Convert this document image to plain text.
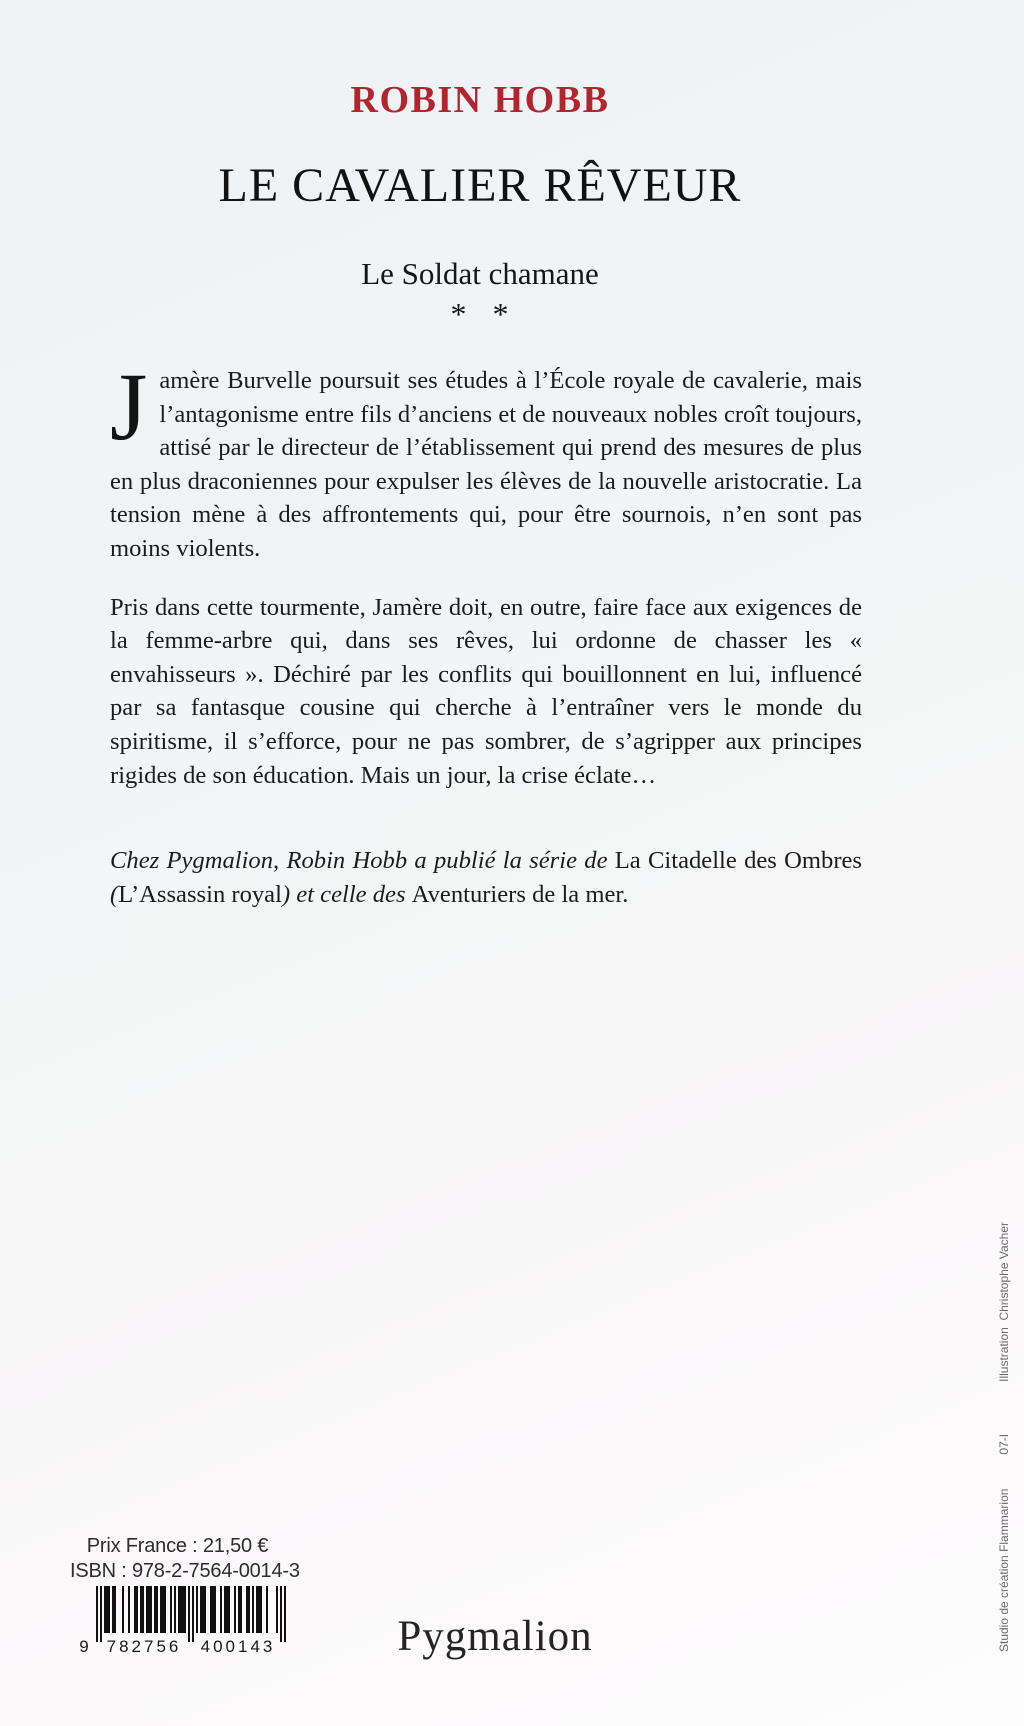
ROBIN HOBB
LE CAVALIER RÊVEUR
Le Soldat chamane
* *

Jamère Burvelle poursuit ses études à l’École royale de cavalerie, mais l’antagonisme entre fils d’anciens et de nouveaux nobles croît toujours, attisé par le directeur de l’établissement qui prend des mesures de plus en plus draconiennes pour expulser les élèves de la nouvelle aristocratie. La tension mène à des affrontements qui, pour être sournois, n’en sont pas moins violents.

Pris dans cette tourmente, Jamère doit, en outre, faire face aux exigences de la femme-arbre qui, dans ses rêves, lui ordonne de chasser les « envahisseurs ». Déchiré par les conflits qui bouillonnent en lui, influencé par sa fantasque cousine qui cherche à l’entraîner vers le monde du spiritisme, il s’efforce, pour ne pas sombrer, de s’agripper aux principes rigides de son éducation. Mais un jour, la crise éclate…

Chez Pygmalion, Robin Hobb a publié la série de La Citadelle des Ombres (L’Assassin royal) et celle des Aventuriers de la mer.

Prix France : 21,50 €
ISBN : 978-2-7564-0014-3
9 782756 400143	Pygmalion	Studio de création Flammarion
07-I
Illustration  Christophe Vacher
